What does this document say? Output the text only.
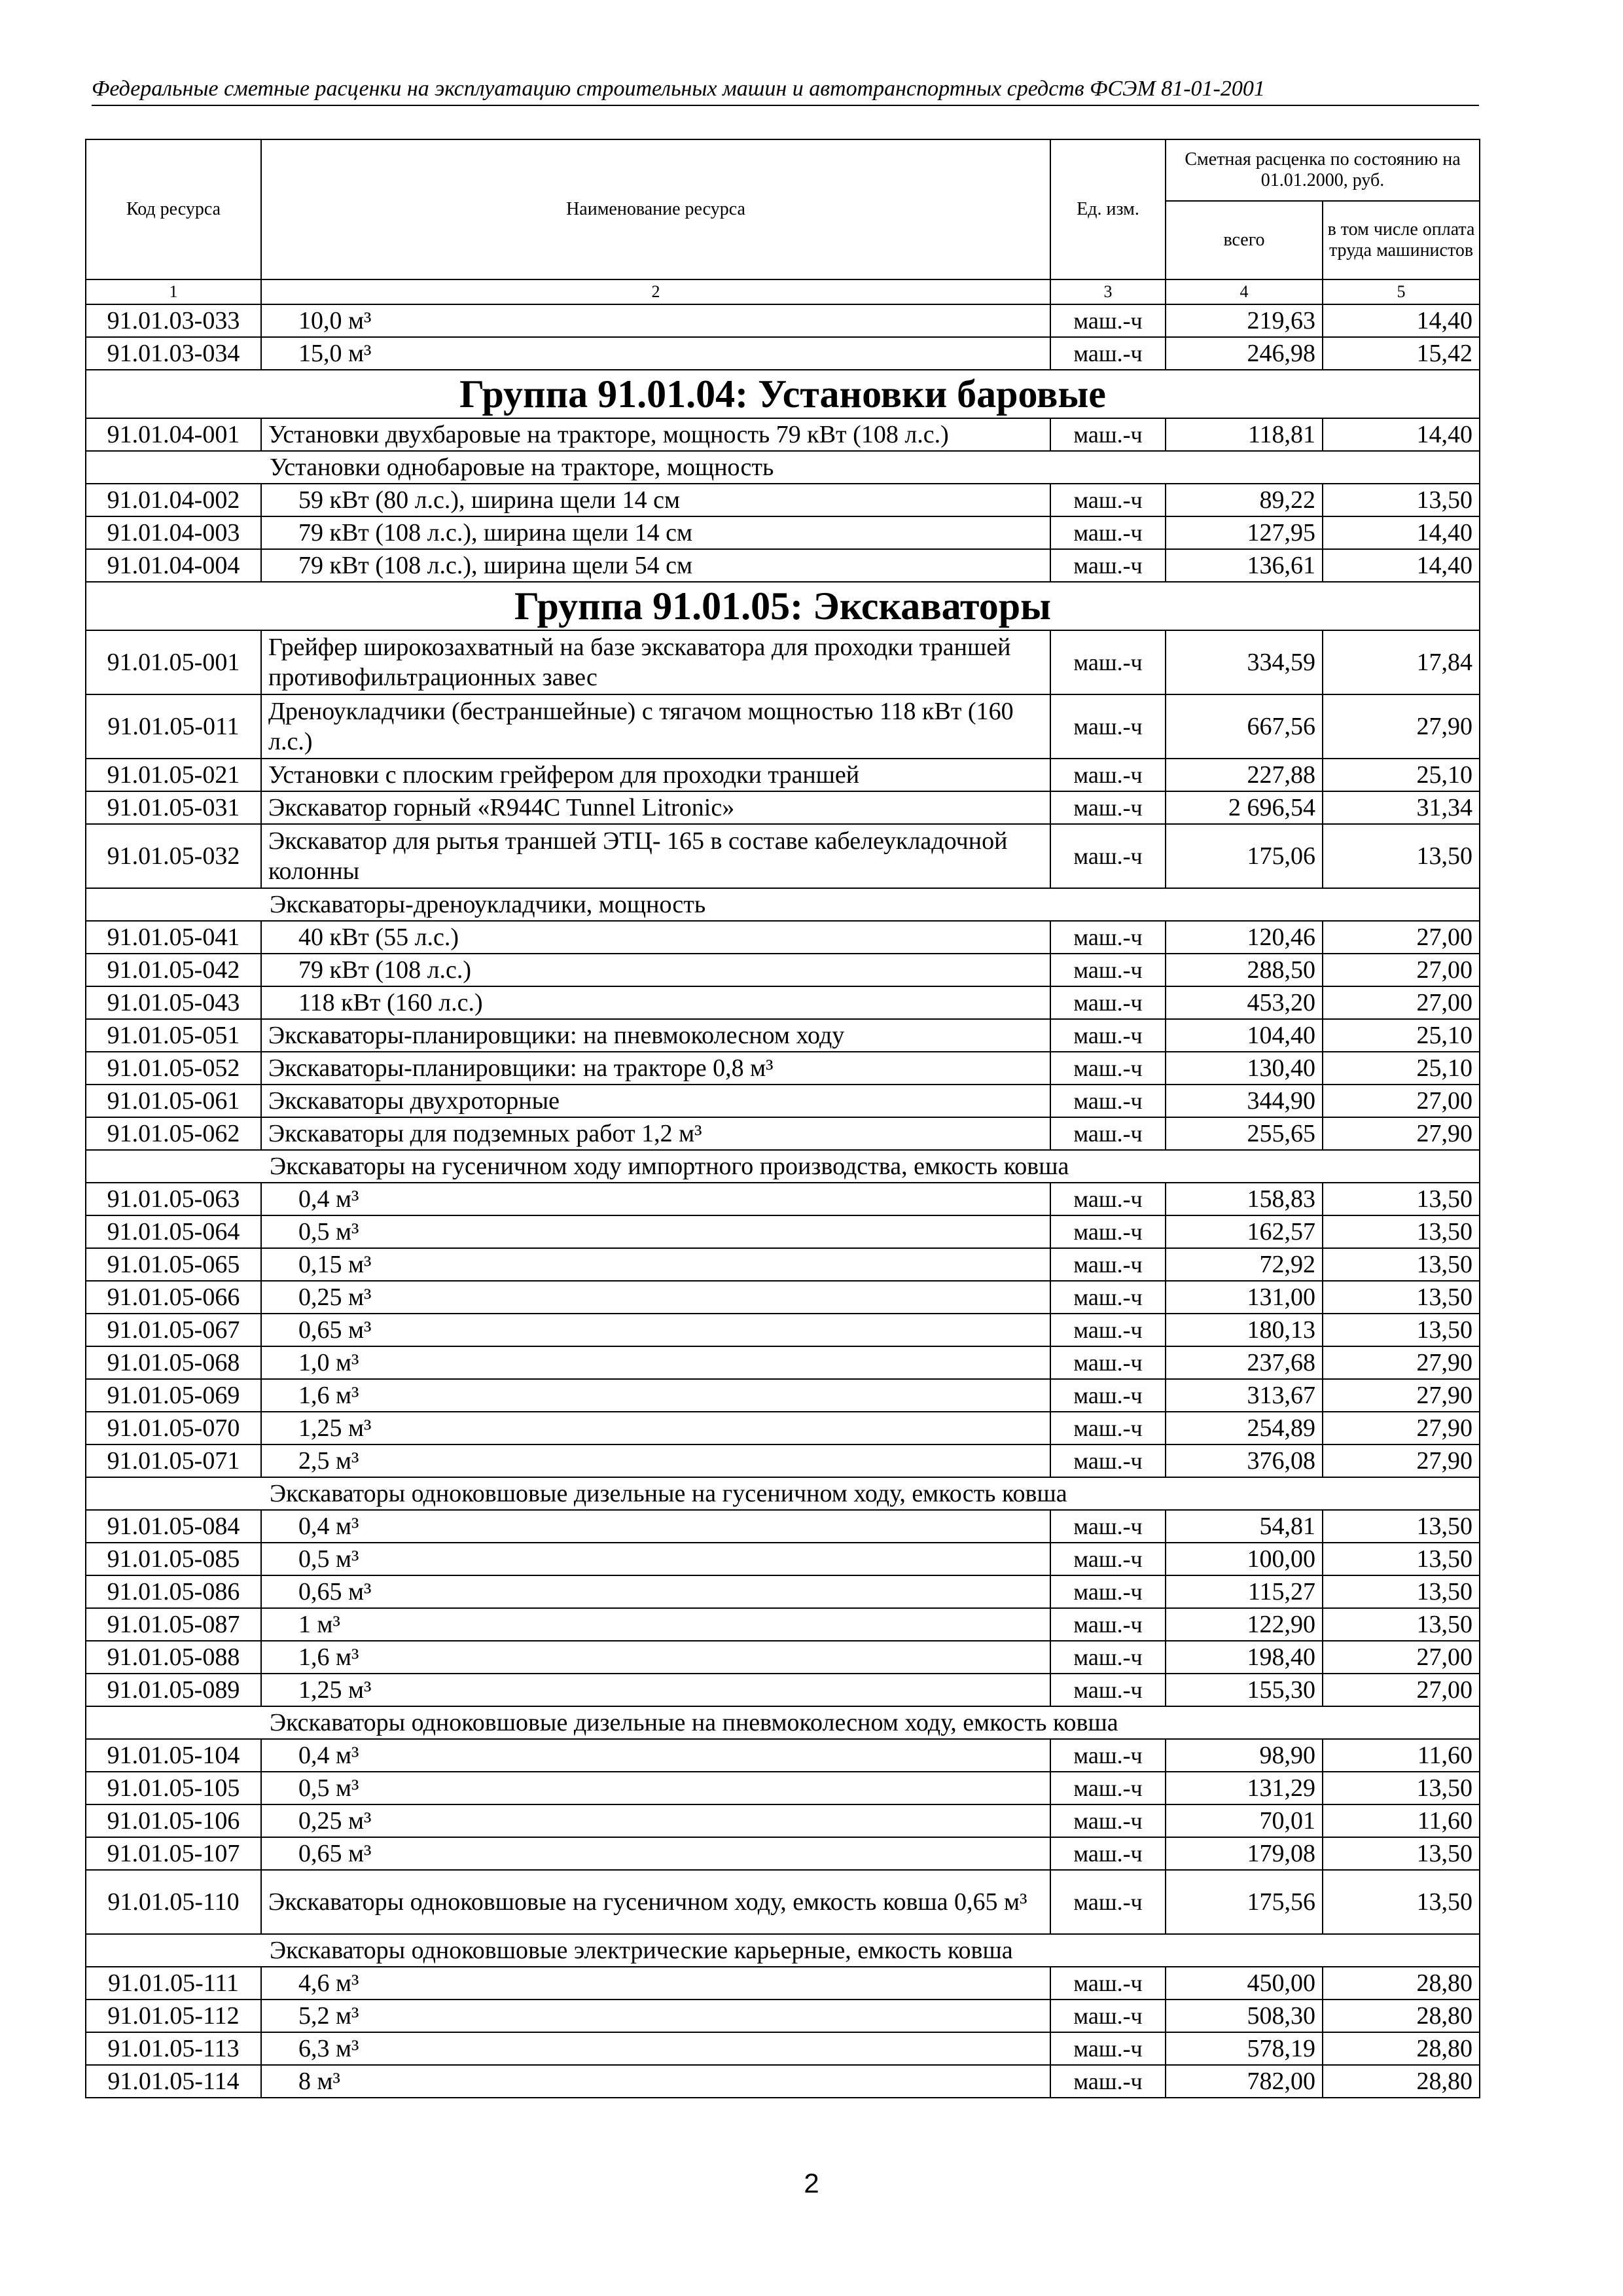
Федеральные сметные расценки на эксплуатацию строительных машин и автотранспортных средств ФСЭМ 81-01-2001
Код ресурса	Наименование ресурса	Ед. изм.	Сметная расценка по состоянию на 01.01.2000, руб.	
			всего	в том числе оплата труда машинистов
1	2	3	4	5
91.01.03-033	10,0 м³	маш.-ч	219,63	14,40
91.01.03-034	15,0 м³	маш.-ч	246,98	15,42
Группа 91.01.04: Установки баровые				
91.01.04-001	Установки двухбаровые на тракторе, мощность 79 кВт (108 л.с.)	маш.-ч	118,81	14,40
Установки однобаровые на тракторе, мощность				
91.01.04-002	59 кВт (80 л.с.), ширина щели 14 см	маш.-ч	89,22	13,50
91.01.04-003	79 кВт (108 л.с.), ширина щели 14 см	маш.-ч	127,95	14,40
91.01.04-004	79 кВт (108 л.с.), ширина щели 54 см	маш.-ч	136,61	14,40
Группа 91.01.05: Экскаваторы				
91.01.05-001	Грейфер широкозахватный на базе экскаватора для проходки траншей противофильтрационных завес	маш.-ч	334,59	17,84
91.01.05-011	Дреноукладчики (бестраншейные) с тягачом мощностью 118 кВт (160 л.с.)	маш.-ч	667,56	27,90
91.01.05-021	Установки с плоским грейфером для проходки траншей	маш.-ч	227,88	25,10
91.01.05-031	Экскаватор горный «R944C Tunnel Litronic»	маш.-ч	2 696,54	31,34
91.01.05-032	Экскаватор для рытья траншей ЭТЦ- 165 в составе кабелеукладочной колонны	маш.-ч	175,06	13,50
Экскаваторы-дреноукладчики, мощность				
91.01.05-041	40 кВт (55 л.с.)	маш.-ч	120,46	27,00
91.01.05-042	79 кВт (108 л.с.)	маш.-ч	288,50	27,00
91.01.05-043	118 кВт (160 л.с.)	маш.-ч	453,20	27,00
91.01.05-051	Экскаваторы-планировщики: на пневмоколесном ходу	маш.-ч	104,40	25,10
91.01.05-052	Экскаваторы-планировщики: на тракторе 0,8 м³	маш.-ч	130,40	25,10
91.01.05-061	Экскаваторы двухроторные	маш.-ч	344,90	27,00
91.01.05-062	Экскаваторы для подземных работ 1,2 м³	маш.-ч	255,65	27,90
Экскаваторы на гусеничном ходу импортного производства, емкость ковша				
91.01.05-063	0,4 м³	маш.-ч	158,83	13,50
91.01.05-064	0,5 м³	маш.-ч	162,57	13,50
91.01.05-065	0,15 м³	маш.-ч	72,92	13,50
91.01.05-066	0,25 м³	маш.-ч	131,00	13,50
91.01.05-067	0,65 м³	маш.-ч	180,13	13,50
91.01.05-068	1,0 м³	маш.-ч	237,68	27,90
91.01.05-069	1,6 м³	маш.-ч	313,67	27,90
91.01.05-070	1,25 м³	маш.-ч	254,89	27,90
91.01.05-071	2,5 м³	маш.-ч	376,08	27,90
Экскаваторы одноковшовые дизельные на гусеничном ходу, емкость ковша				
91.01.05-084	0,4 м³	маш.-ч	54,81	13,50
91.01.05-085	0,5 м³	маш.-ч	100,00	13,50
91.01.05-086	0,65 м³	маш.-ч	115,27	13,50
91.01.05-087	1 м³	маш.-ч	122,90	13,50
91.01.05-088	1,6 м³	маш.-ч	198,40	27,00
91.01.05-089	1,25 м³	маш.-ч	155,30	27,00
Экскаваторы одноковшовые дизельные на пневмоколесном ходу, емкость ковша				
91.01.05-104	0,4 м³	маш.-ч	98,90	11,60
91.01.05-105	0,5 м³	маш.-ч	131,29	13,50
91.01.05-106	0,25 м³	маш.-ч	70,01	11,60
91.01.05-107	0,65 м³	маш.-ч	179,08	13,50
91.01.05-110	Экскаваторы одноковшовые на гусеничном ходу, емкость ковша 0,65 м³	маш.-ч	175,56	13,50
Экскаваторы одноковшовые электрические карьерные, емкость ковша				
91.01.05-111	4,6 м³	маш.-ч	450,00	28,80
91.01.05-112	5,2 м³	маш.-ч	508,30	28,80
91.01.05-113	6,3 м³	маш.-ч	578,19	28,80
91.01.05-114	8 м³	маш.-ч	782,00	28,80
2
